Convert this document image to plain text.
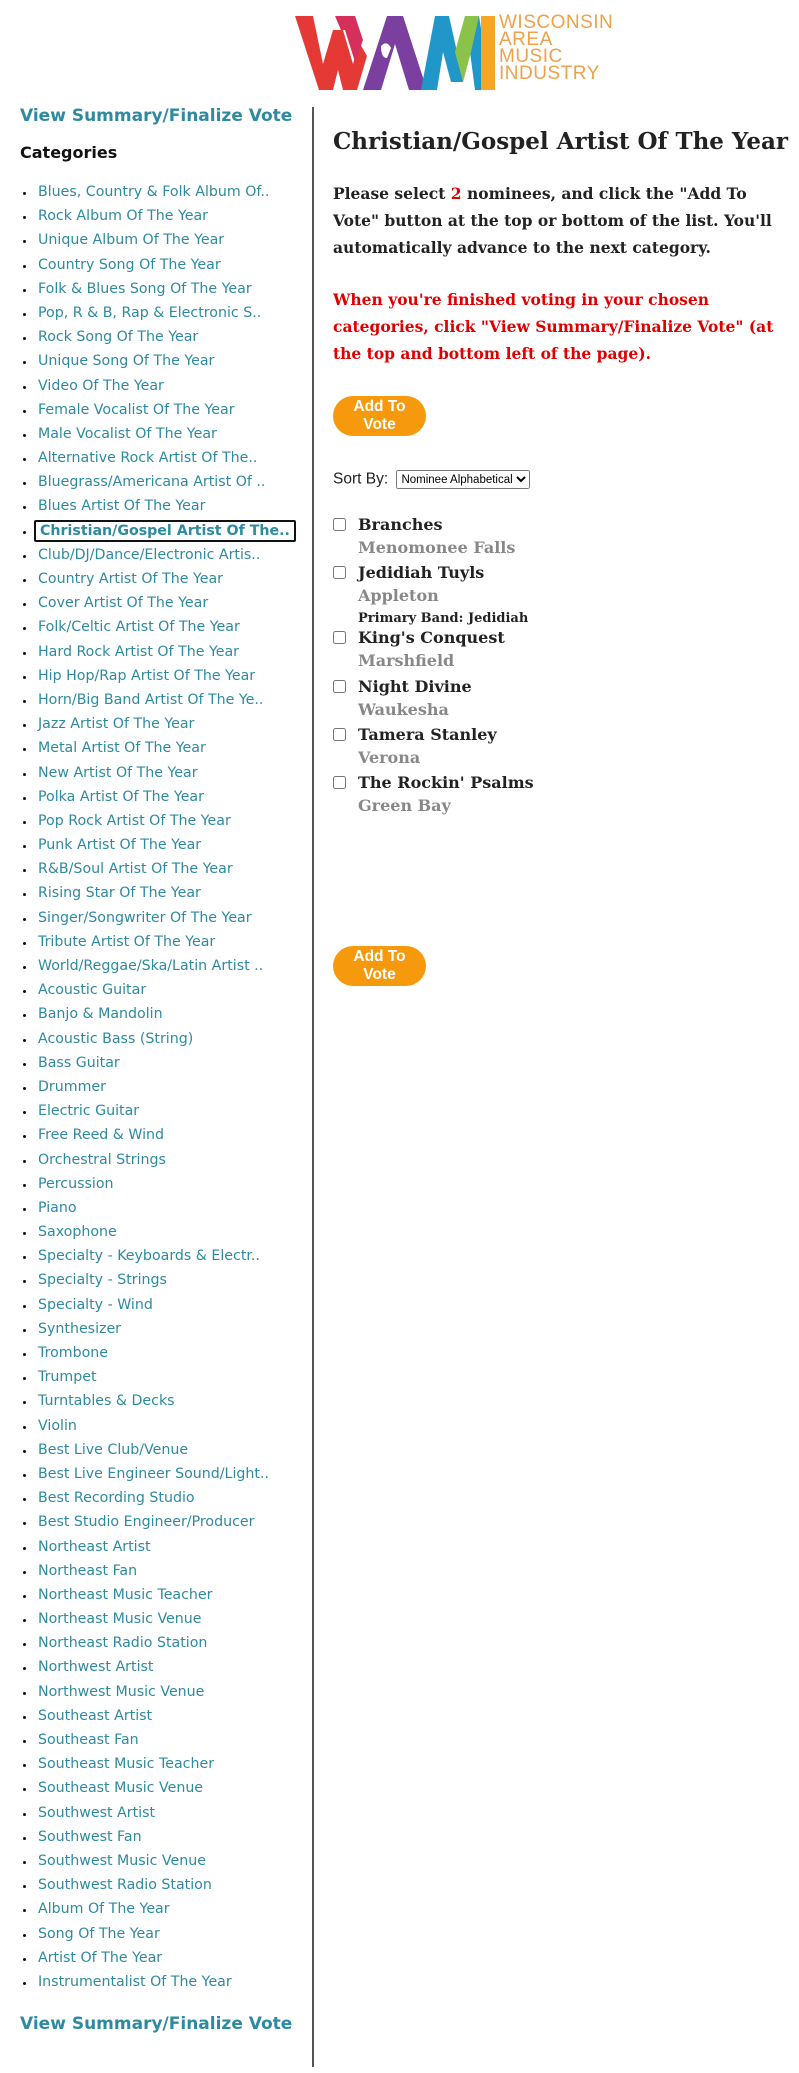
WISCONSIN
AREA
MUSIC
INDUSTRY
View Summary/Finalize Vote
Categories
• Blues, Country & Folk Album Of..
• Rock Album Of The Year
• Unique Album Of The Year
• Country Song Of The Year
• Folk & Blues Song Of The Year
• Pop, R & B, Rap & Electronic S..
• Rock Song Of The Year
• Unique Song Of The Year
• Video Of The Year
• Female Vocalist Of The Year
• Male Vocalist Of The Year
• Alternative Rock Artist Of The..
• Bluegrass/Americana Artist Of ..
• Blues Artist Of The Year
• Christian/Gospel Artist Of The..
• Club/DJ/Dance/Electronic Artis..
• Country Artist Of The Year
• Cover Artist Of The Year
• Folk/Celtic Artist Of The Year
• Hard Rock Artist Of The Year
• Hip Hop/Rap Artist Of The Year
• Horn/Big Band Artist Of The Ye..
• Jazz Artist Of The Year
• Metal Artist Of The Year
• New Artist Of The Year
• Polka Artist Of The Year
• Pop Rock Artist Of The Year
• Punk Artist Of The Year
• R&B/Soul Artist Of The Year
• Rising Star Of The Year
• Singer/Songwriter Of The Year
• Tribute Artist Of The Year
• World/Reggae/Ska/Latin Artist ..
• Acoustic Guitar
• Banjo & Mandolin
• Acoustic Bass (String)
• Bass Guitar
• Drummer
• Electric Guitar
• Free Reed & Wind
• Orchestral Strings
• Percussion
• Piano
• Saxophone
• Specialty - Keyboards & Electr..
• Specialty - Strings
• Specialty - Wind
• Synthesizer
• Trombone
• Trumpet
• Turntables & Decks
• Violin
• Best Live Club/Venue
• Best Live Engineer Sound/Light..
• Best Recording Studio
• Best Studio Engineer/Producer
• Northeast Artist
• Northeast Fan
• Northeast Music Teacher
• Northeast Music Venue
• Northeast Radio Station
• Northwest Artist
• Northwest Music Venue
• Southeast Artist
• Southeast Fan
• Southeast Music Teacher
• Southeast Music Venue
• Southwest Artist
• Southwest Fan
• Southwest Music Venue
• Southwest Radio Station
• Album Of The Year
• Song Of The Year
• Artist Of The Year
• Instrumentalist Of The Year
View Summary/Finalize Vote
Christian/Gospel Artist Of The Year
Please select 2 nominees, and click the "Add To Vote" button at the top or bottom of the list. You'll automatically advance to the next category.
When you're finished voting in your chosen categories, click "View Summary/Finalize Vote" (at the top and bottom left of the page).
Add To Vote
Sort By:
Nominee Alphabetical
Branches
Menomonee Falls
Jedidiah Tuyls
Appleton
Primary Band: Jedidiah
King's Conquest
Marshfield
Night Divine
Waukesha
Tamera Stanley
Verona
The Rockin' Psalms
Green Bay
Add To Vote
